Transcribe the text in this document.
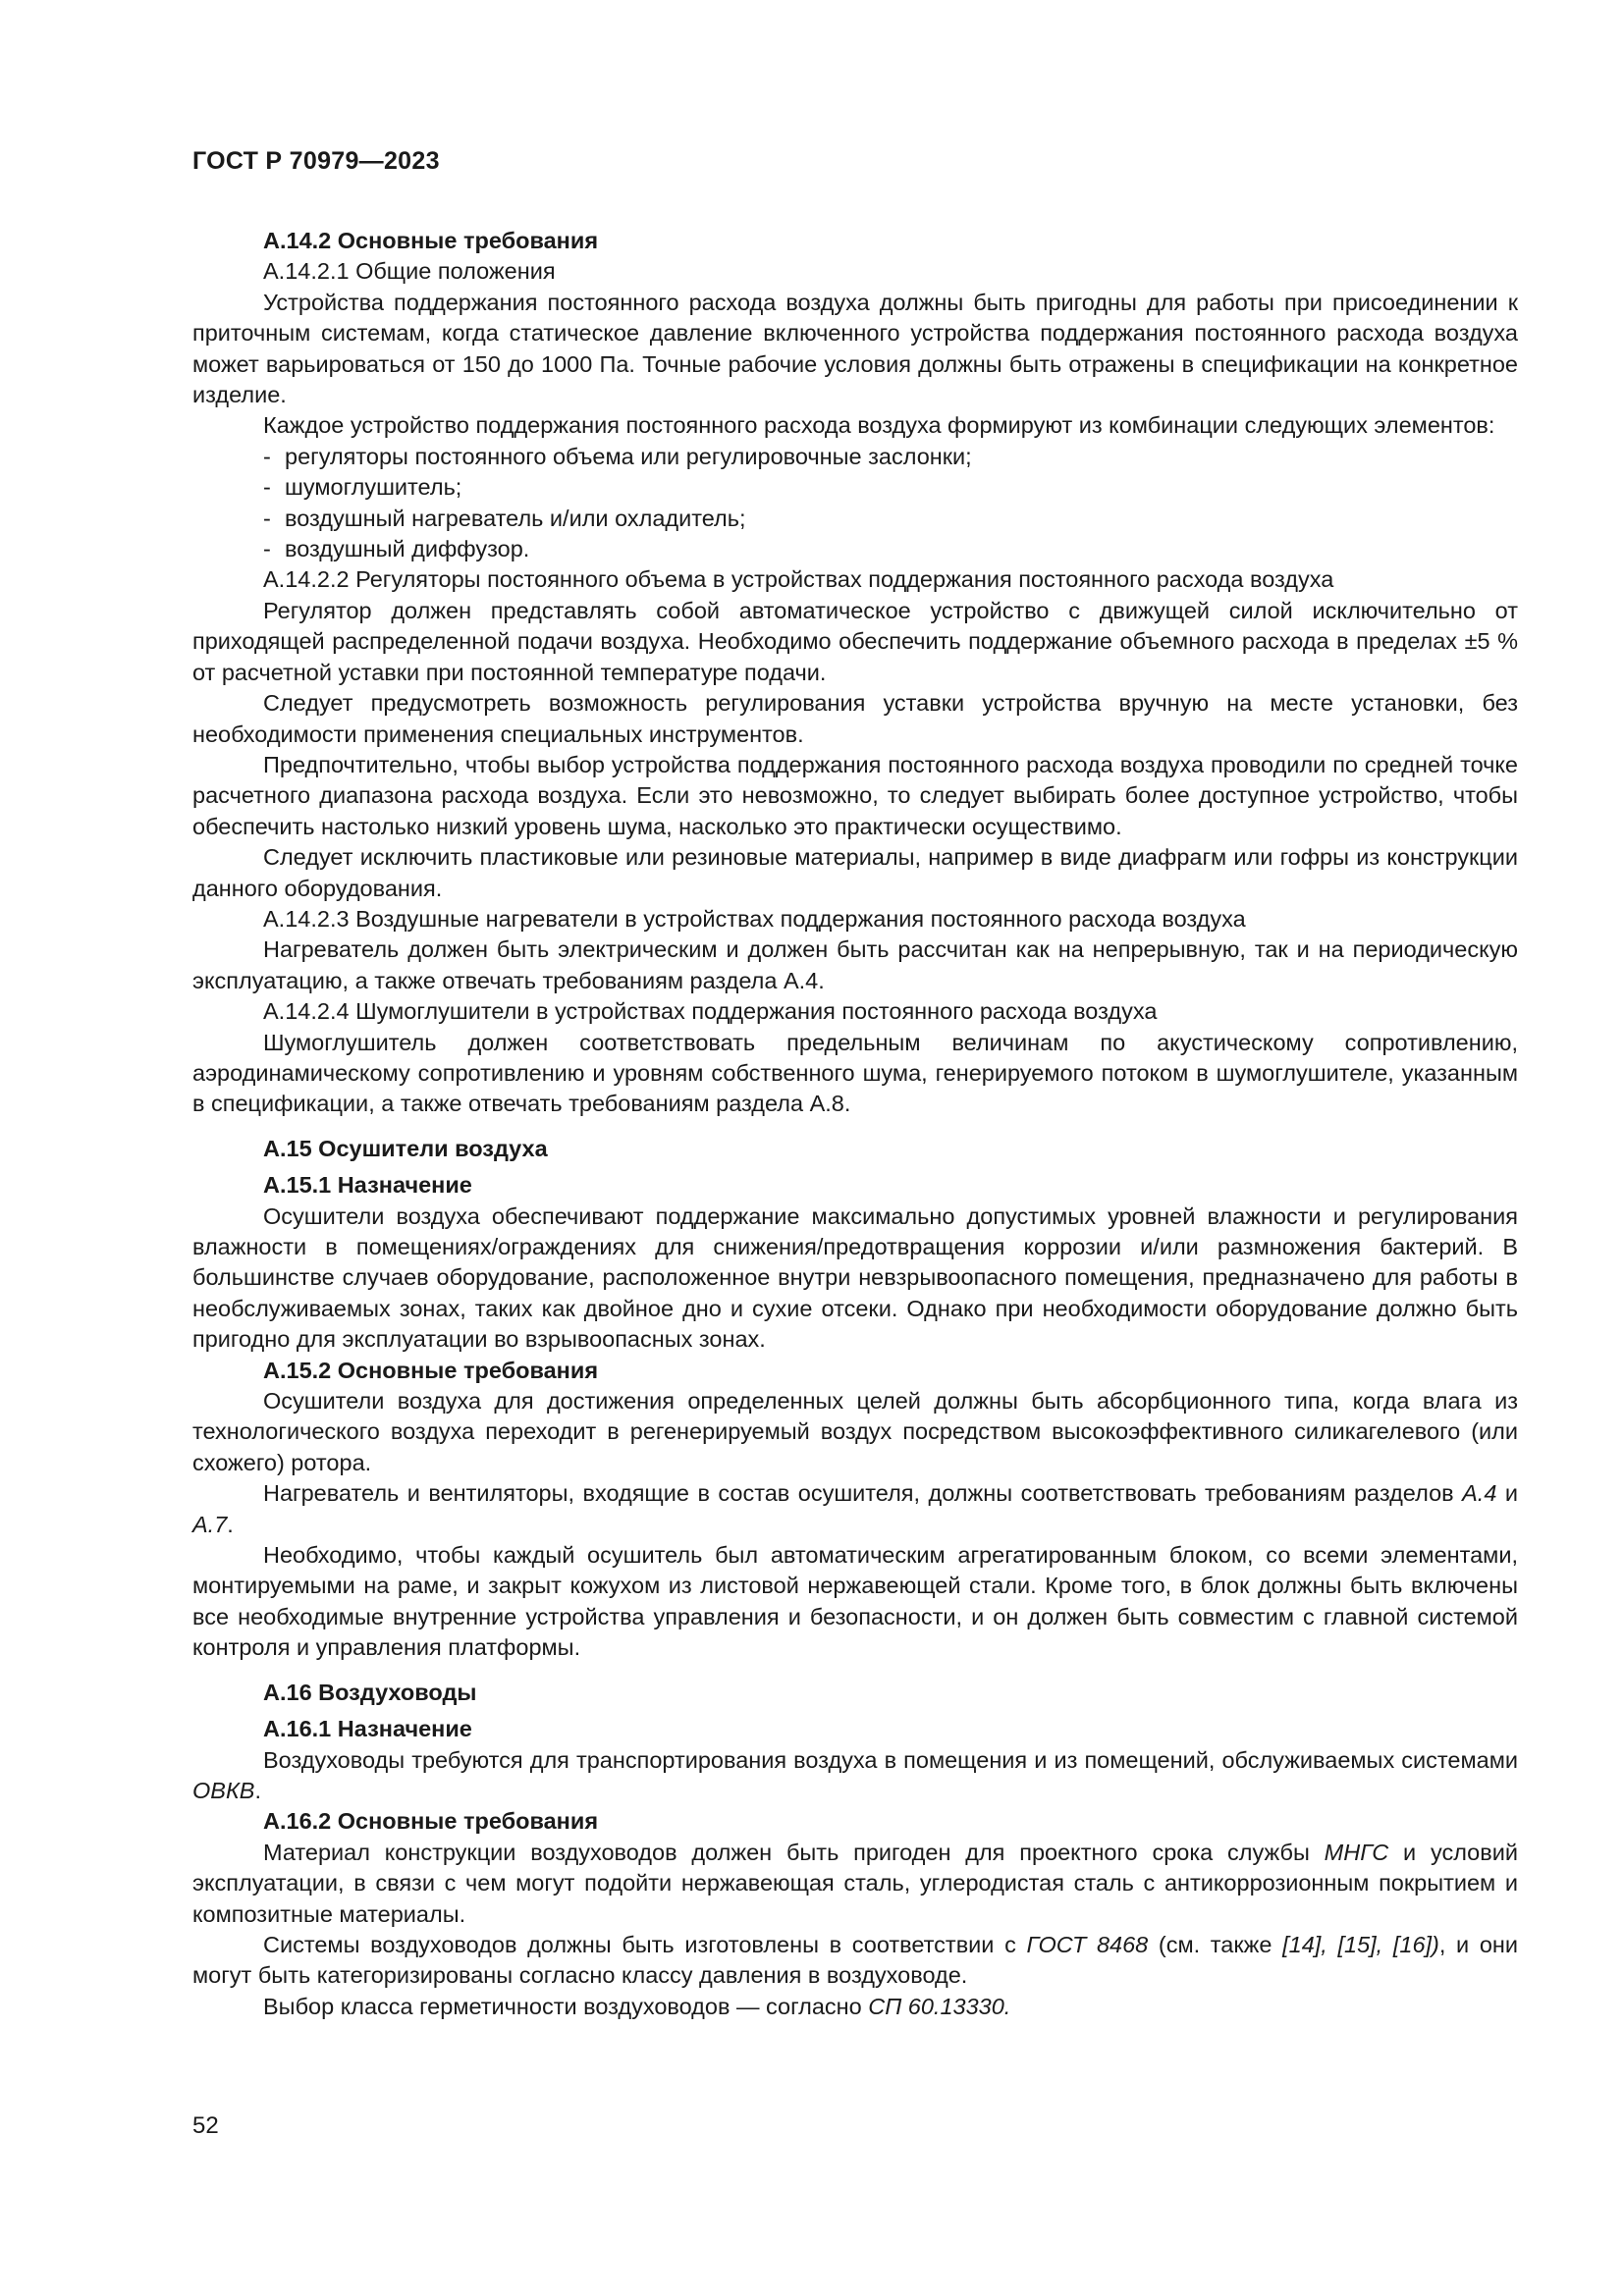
ГОСТ Р 70979—2023

А.14.2 Основные требования

А.14.2.1 Общие положения

Устройства поддержания постоянного расхода воздуха должны быть пригодны для работы при присоединении к приточным системам, когда статическое давление включенного устройства поддержания постоянного расхода воздуха может варьироваться от 150 до 1000 Па. Точные рабочие условия должны быть отражены в спецификации на конкретное изделие.

Каждое устройство поддержания постоянного расхода воздуха формируют из комбинации следующих элементов:

- регуляторы постоянного объема или регулировочные заслонки;

- шумоглушитель;

- воздушный нагреватель и/или охладитель;

- воздушный диффузор.

А.14.2.2 Регуляторы постоянного объема в устройствах поддержания постоянного расхода воздуха

Регулятор должен представлять собой автоматическое устройство с движущей силой исключительно от приходящей распределенной подачи воздуха. Необходимо обеспечить поддержание объемного расхода в пределах ±5 % от расчетной уставки при постоянной температуре подачи.

Следует предусмотреть возможность регулирования уставки устройства вручную на месте установки, без необходимости применения специальных инструментов.

Предпочтительно, чтобы выбор устройства поддержания постоянного расхода воздуха проводили по средней точке расчетного диапазона расхода воздуха. Если это невозможно, то следует выбирать более доступное устройство, чтобы обеспечить настолько низкий уровень шума, насколько это практически осуществимо.

Следует исключить пластиковые или резиновые материалы, например в виде диафрагм или гофры из конструкции данного оборудования.

А.14.2.3 Воздушные нагреватели в устройствах поддержания постоянного расхода воздуха

Нагреватель должен быть электрическим и должен быть рассчитан как на непрерывную, так и на периодическую эксплуатацию, а также отвечать требованиям раздела А.4.

А.14.2.4 Шумоглушители в устройствах поддержания постоянного расхода воздуха

Шумоглушитель должен соответствовать предельным величинам по акустическому сопротивлению, аэродинамическому сопротивлению и уровням собственного шума, генерируемого потоком в шумоглушителе, указанным в спецификации, а также отвечать требованиям раздела А.8.

А.15 Осушители воздуха

А.15.1 Назначение

Осушители воздуха обеспечивают поддержание максимально допустимых уровней влажности и регулирования влажности в помещениях/ограждениях для снижения/предотвращения коррозии и/или размножения бактерий. В большинстве случаев оборудование, расположенное внутри невзрывоопасного помещения, предназначено для работы в необслуживаемых зонах, таких как двойное дно и сухие отсеки. Однако при необходимости оборудование должно быть пригодно для эксплуатации во взрывоопасных зонах.

А.15.2 Основные требования

Осушители воздуха для достижения определенных целей должны быть абсорбционного типа, когда влага из технологического воздуха переходит в регенерируемый воздух посредством высокоэффективного силикагелевого (или схожего) ротора.

Нагреватель и вентиляторы, входящие в состав осушителя, должны соответствовать требованиям разделов А.4 и А.7.

Необходимо, чтобы каждый осушитель был автоматическим агрегатированным блоком, со всеми элементами, монтируемыми на раме, и закрыт кожухом из листовой нержавеющей стали. Кроме того, в блок должны быть включены все необходимые внутренние устройства управления и безопасности, и он должен быть совместим с главной системой контроля и управления платформы.

А.16 Воздуховоды

А.16.1 Назначение

Воздуховоды требуются для транспортирования воздуха в помещения и из помещений, обслуживаемых системами ОВКВ.

А.16.2 Основные требования

Материал конструкции воздуховодов должен быть пригоден для проектного срока службы МНГС и условий эксплуатации, в связи с чем могут подойти нержавеющая сталь, углеродистая сталь с антикоррозионным покрытием и композитные материалы.

Системы воздуховодов должны быть изготовлены в соответствии с ГОСТ 8468 (см. также [14], [15], [16]), и они могут быть категоризированы согласно классу давления в воздуховоде.

Выбор класса герметичности воздуховодов — согласно СП 60.13330.

52
